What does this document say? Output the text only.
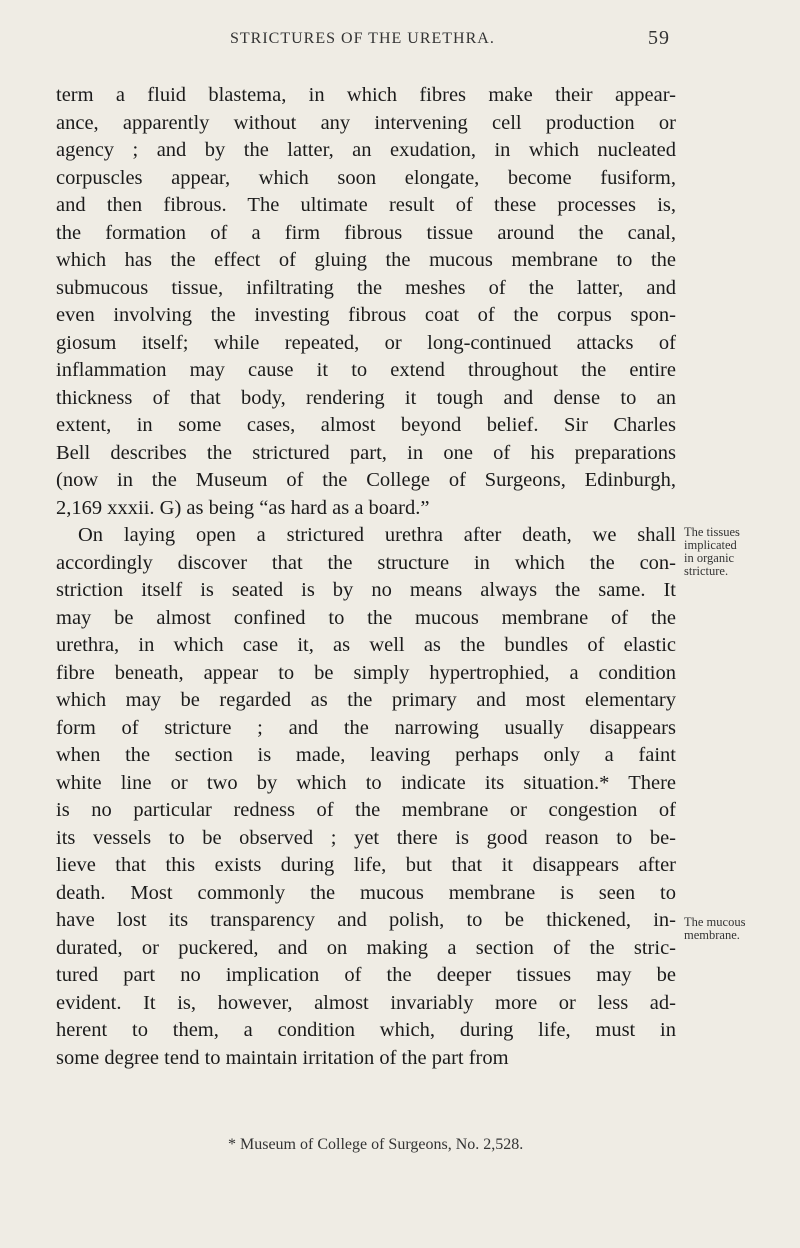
STRICTURES OF THE URETHRA.	59
term a fluid blastema, in which fibres make their appear-
ance, apparently without any intervening cell production or
agency ; and by the latter, an exudation, in which nucleated
corpuscles appear, which soon elongate, become fusiform,
and then fibrous. The ultimate result of these processes is,
the formation of a firm fibrous tissue around the canal,
which has the effect of gluing the mucous membrane to the
submucous tissue, infiltrating the meshes of the latter, and
even involving the investing fibrous coat of the corpus spon-
giosum itself; while repeated, or long-continued attacks of
inflammation may cause it to extend throughout the entire
thickness of that body, rendering it tough and dense to an
extent, in some cases, almost beyond belief. Sir Charles
Bell describes the strictured part, in one of his preparations
(now in the Museum of the College of Surgeons, Edinburgh,
2,169 xxxii. G) as being “as hard as a board.”
On laying open a strictured urethra after death, we shall
accordingly discover that the structure in which the con-
striction itself is seated is by no means always the same. It
may be almost confined to the mucous membrane of the
urethra, in which case it, as well as the bundles of elastic
fibre beneath, appear to be simply hypertrophied, a condition
which may be regarded as the primary and most elementary
form of stricture ; and the narrowing usually disappears
when the section is made, leaving perhaps only a faint
white line or two by which to indicate its situation.* There
is no particular redness of the membrane or congestion of
its vessels to be observed ; yet there is good reason to be-
lieve that this exists during life, but that it disappears after
death. Most commonly the mucous membrane is seen to
have lost its transparency and polish, to be thickened, in-
durated, or puckered, and on making a section of the stric-
tured part no implication of the deeper tissues may be
evident. It is, however, almost invariably more or less ad-
herent to them, a condition which, during life, must in
some degree tend to maintain irritation of the part from
The tissues
implicated
in organic
stricture.
The mucous
membrane.
* Museum of College of Surgeons, No. 2,528.
